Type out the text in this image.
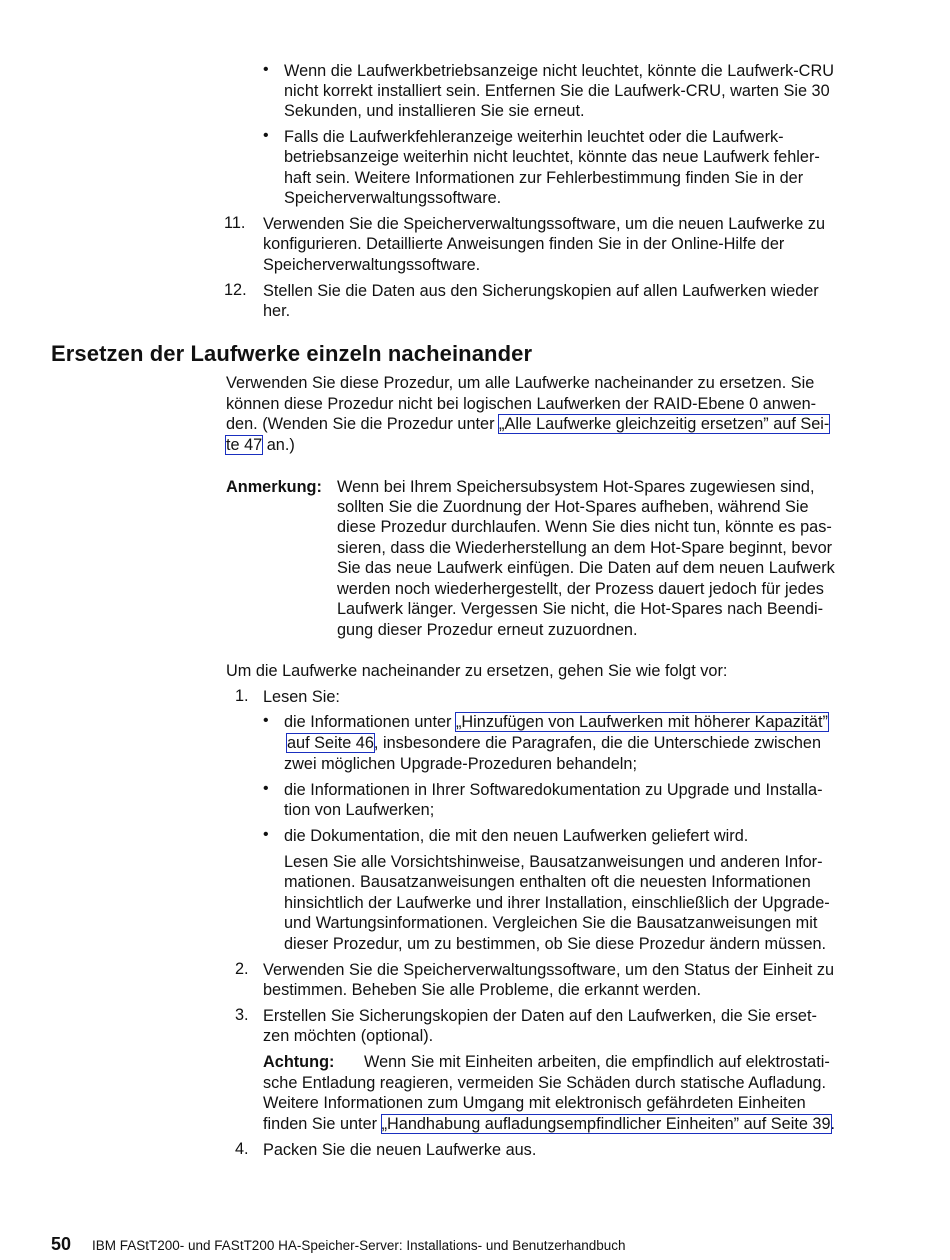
• Wenn die Laufwerkbetriebsanzeige nicht leuchtet, könnte die Laufwerk-CRU

nicht korrekt installiert sein. Entfernen Sie die Laufwerk-CRU, warten Sie 30

Sekunden, und installieren Sie sie erneut.

• Falls die Laufwerkfehleranzeige weiterhin leuchtet oder die Laufwerk-

betriebsanzeige weiterhin nicht leuchtet, könnte das neue Laufwerk fehler-

haft sein. Weitere Informationen zur Fehlerbestimmung finden Sie in der

Speicherverwaltungssoftware.

11. Verwenden Sie die Speicherverwaltungssoftware, um die neuen Laufwerke zu

konfigurieren. Detaillierte Anweisungen finden Sie in der Online-Hilfe der

Speicherverwaltungssoftware.

12. Stellen Sie die Daten aus den Sicherungskopien auf allen Laufwerken wieder

her.

Ersetzen der Laufwerke einzeln nacheinander

Verwenden Sie diese Prozedur, um alle Laufwerke nacheinander zu ersetzen. Sie

können diese Prozedur nicht bei logischen Laufwerken der RAID-Ebene 0 anwen-

den. (Wenden Sie die Prozedur unter „Alle Laufwerke gleichzeitig ersetzen” auf Sei-

te 47 an.)

Anmerkung: Wenn bei Ihrem Speichersubsystem Hot-Spares zugewiesen sind,

sollten Sie die Zuordnung der Hot-Spares aufheben, während Sie

diese Prozedur durchlaufen. Wenn Sie dies nicht tun, könnte es pas-

sieren, dass die Wiederherstellung an dem Hot-Spare beginnt, bevor

Sie das neue Laufwerk einfügen. Die Daten auf dem neuen Laufwerk

werden noch wiederhergestellt, der Prozess dauert jedoch für jedes

Laufwerk länger. Vergessen Sie nicht, die Hot-Spares nach Beendi-

gung dieser Prozedur erneut zuzuordnen.

Um die Laufwerke nacheinander zu ersetzen, gehen Sie wie folgt vor:

1. Lesen Sie:

• die Informationen unter „Hinzufügen von Laufwerken mit höherer Kapazität”

auf Seite 46, insbesondere die Paragrafen, die die Unterschiede zwischen

zwei möglichen Upgrade-Prozeduren behandeln;

• die Informationen in Ihrer Softwaredokumentation zu Upgrade und Installa-

tion von Laufwerken;

• die Dokumentation, die mit den neuen Laufwerken geliefert wird.

Lesen Sie alle Vorsichtshinweise, Bausatzanweisungen und anderen Infor-

mationen. Bausatzanweisungen enthalten oft die neuesten Informationen

hinsichtlich der Laufwerke und ihrer Installation, einschließlich der Upgrade-

und Wartungsinformationen. Vergleichen Sie die Bausatzanweisungen mit

dieser Prozedur, um zu bestimmen, ob Sie diese Prozedur ändern müssen.

2. Verwenden Sie die Speicherverwaltungssoftware, um den Status der Einheit zu

bestimmen. Beheben Sie alle Probleme, die erkannt werden.

3. Erstellen Sie Sicherungskopien der Daten auf den Laufwerken, die Sie erset-

zen möchten (optional).

Achtung: Wenn Sie mit Einheiten arbeiten, die empfindlich auf elektrostati-

sche Entladung reagieren, vermeiden Sie Schäden durch statische Aufladung.

Weitere Informationen zum Umgang mit elektronisch gefährdeten Einheiten

finden Sie unter „Handhabung aufladungsempfindlicher Einheiten” auf Seite 39.

4. Packen Sie die neuen Laufwerke aus.

50 IBM FAStT200- und FAStT200 HA-Speicher-Server: Installations- und Benutzerhandbuch
